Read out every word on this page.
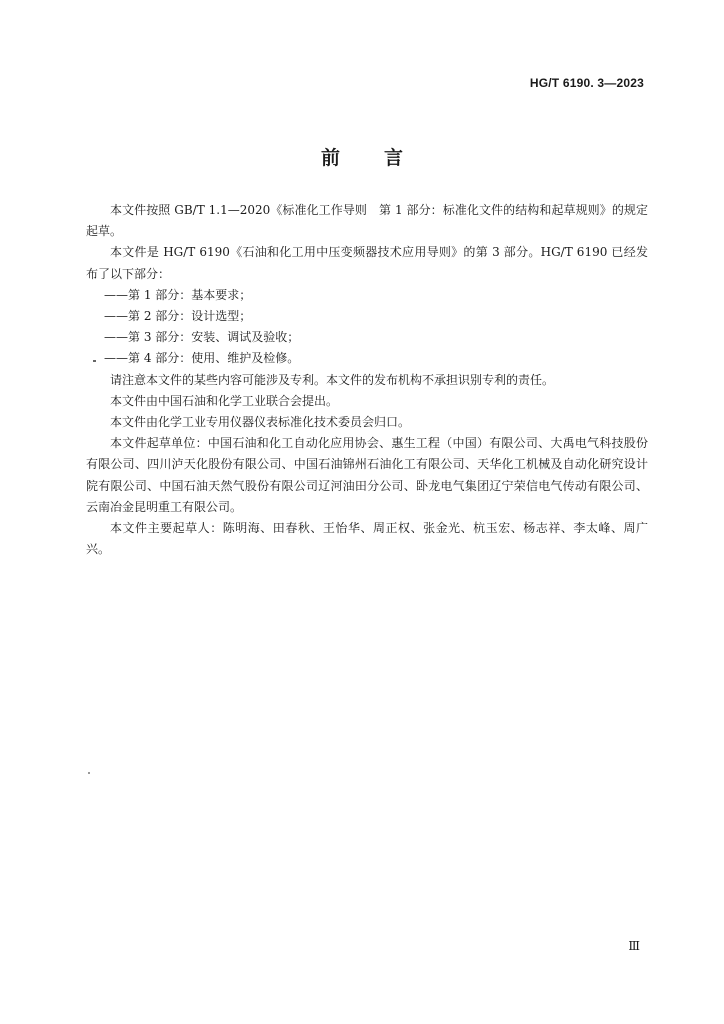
HG/T 6190. 3—2023
前 言

本文件按照 GB/T 1.1—2020《标准化工作导则　第 1 部分：标准化文件的结构和起草规则》的规定起草。

本文件是 HG/T 6190《石油和化工用中压变频器技术应用导则》的第 3 部分。HG/T 6190 已经发布了以下部分：

——第 1 部分：基本要求；

——第 2 部分：设计选型；

——第 3 部分：安装、调试及验收；

——第 4 部分：使用、维护及检修。

请注意本文件的某些内容可能涉及专利。本文件的发布机构不承担识别专利的责任。

本文件由中国石油和化学工业联合会提出。

本文件由化学工业专用仪器仪表标准化技术委员会归口。

本文件起草单位：中国石油和化工自动化应用协会、惠生工程（中国）有限公司、大禹电气科技股份有限公司、四川泸天化股份有限公司、中国石油锦州石油化工有限公司、天华化工机械及自动化研究设计院有限公司、中国石油天然气股份有限公司辽河油田分公司、卧龙电气集团辽宁荣信电气传动有限公司、云南冶金昆明重工有限公司。

本文件主要起草人：陈明海、田春秋、王怡华、周正权、张金光、杭玉宏、杨志祥、李太峰、周广兴。

Ⅲ
